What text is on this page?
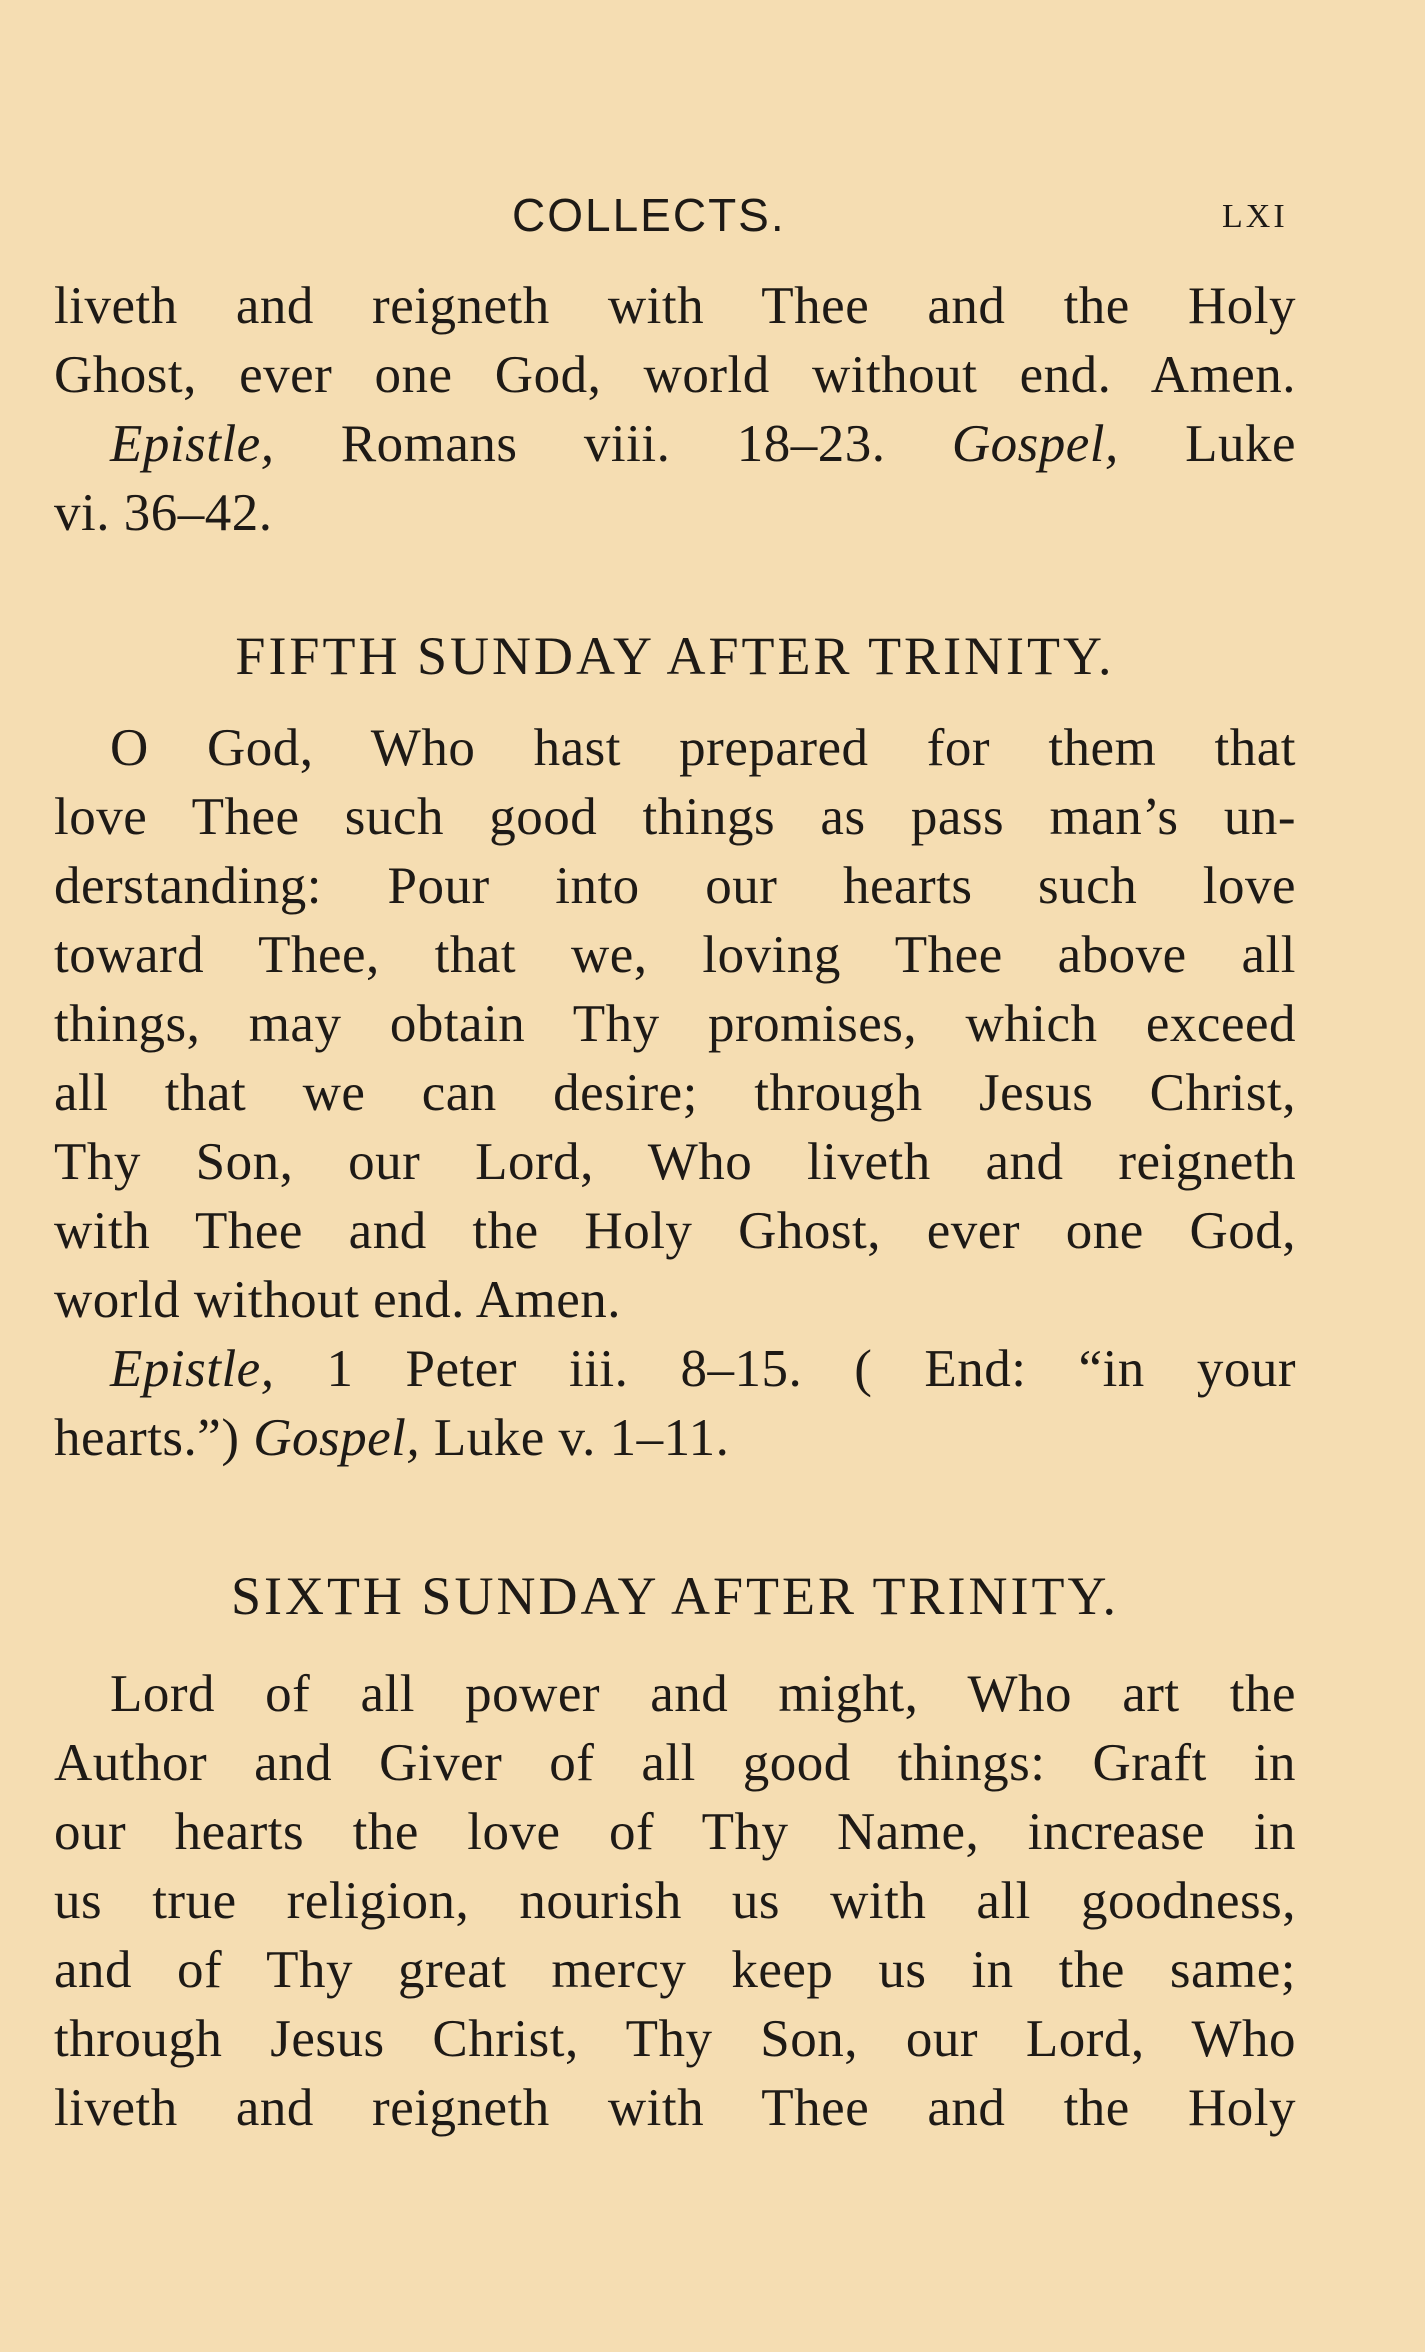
COLLECTS.	LXI
liveth and reigneth with Thee and the Holy
Ghost, ever one God, world without end. Amen.
Epistle, Romans viii. 18–23. Gospel, Luke
vi. 36–42.
FIFTH SUNDAY AFTER TRINITY.
O God, Who hast prepared for them that
love Thee such good things as pass man’s un-
derstanding: Pour into our hearts such love
toward Thee, that we, loving Thee above all
things, may obtain Thy promises, which exceed
all that we can desire; through Jesus Christ,
Thy Son, our Lord, Who liveth and reigneth
with Thee and the Holy Ghost, ever one God,
world without end. Amen.
Epistle, 1 Peter iii. 8–15. ( End: “in your
hearts.”) Gospel, Luke v. 1–11.
SIXTH SUNDAY AFTER TRINITY.
Lord of all power and might, Who art the
Author and Giver of all good things: Graft in
our hearts the love of Thy Name, increase in
us true religion, nourish us with all goodness,
and of Thy great mercy keep us in the same;
through Jesus Christ, Thy Son, our Lord, Who
liveth and reigneth with Thee and the Holy
